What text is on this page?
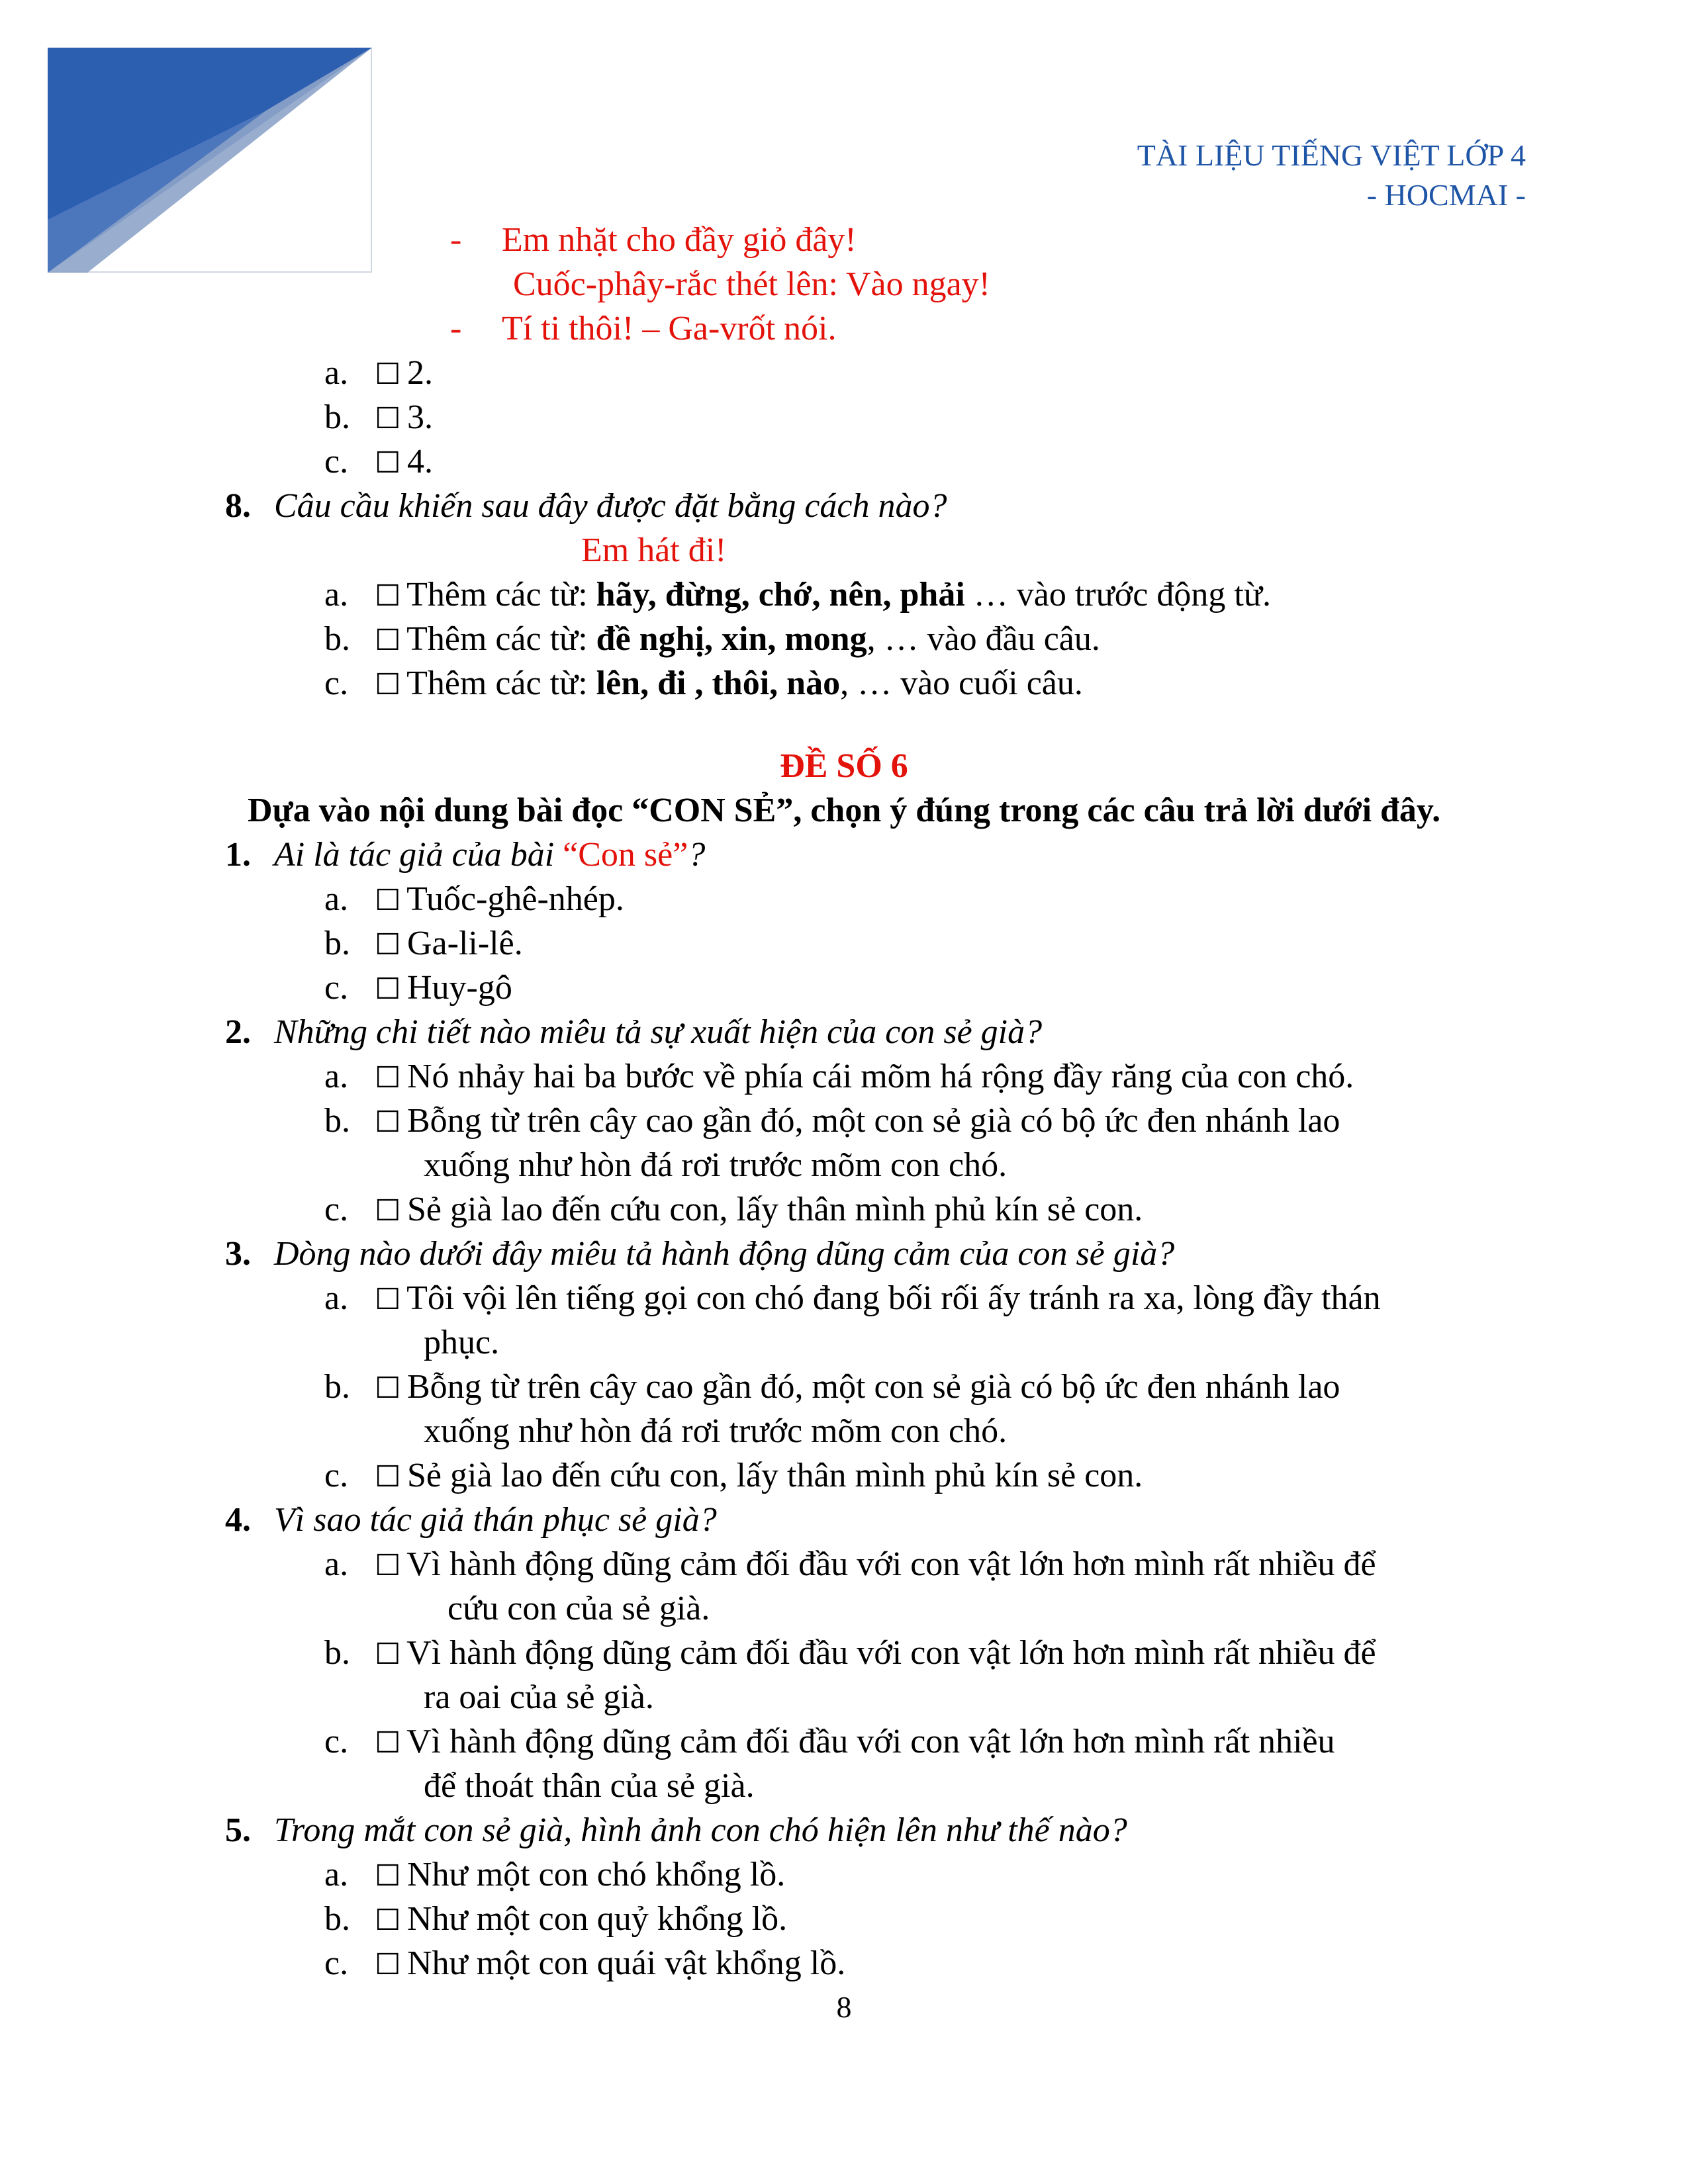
TÀI LIỆU TIẾNG VIỆT LỚP 4
- HOCMAI -
- Em nhặt cho đầy giỏ đây!
Cuốc-phây-rắc thét lên: Vào ngay!
- Tí ti thôi! – Ga-vrốt nói.
a. ☐ 2.
b. ☐ 3.
c. ☐ 4.
8. Câu cầu khiến sau đây được đặt bằng cách nào?
Em hát đi!
a. ☐ Thêm các từ: hãy, đừng, chớ, nên, phải … vào trước động từ.
b. ☐ Thêm các từ: đề nghị, xin, mong, … vào đầu câu.
c. ☐ Thêm các từ: lên, đi , thôi, nào, … vào cuối câu.
ĐỀ SỐ 6
Dựa vào nội dung bài đọc “CON SẺ”, chọn ý đúng trong các câu trả lời dưới đây.
1. Ai là tác giả của bài “Con sẻ”?
a. ☐ Tuốc-ghê-nhép.
b. ☐ Ga-li-lê.
c. ☐ Huy-gô
2. Những chi tiết nào miêu tả sự xuất hiện của con sẻ già?
a. ☐ Nó nhảy hai ba bước về phía cái mõm há rộng đầy răng của con chó.
b. ☐ Bỗng từ trên cây cao gần đó, một con sẻ già có bộ ức đen nhánh lao
xuống như hòn đá rơi trước mõm con chó.
c. ☐ Sẻ già lao đến cứu con, lấy thân mình phủ kín sẻ con.
3. Dòng nào dưới đây miêu tả hành động dũng cảm của con sẻ già?
a. ☐ Tôi vội lên tiếng gọi con chó đang bối rối ấy tránh ra xa, lòng đầy thán
phục.
b. ☐ Bỗng từ trên cây cao gần đó, một con sẻ già có bộ ức đen nhánh lao
xuống như hòn đá rơi trước mõm con chó.
c. ☐ Sẻ già lao đến cứu con, lấy thân mình phủ kín sẻ con.
4. Vì sao tác giả thán phục sẻ già?
a. ☐ Vì hành động dũng cảm đối đầu với con vật lớn hơn mình rất nhiều để
cứu con của sẻ già.
b. ☐ Vì hành động dũng cảm đối đầu với con vật lớn hơn mình rất nhiều để
ra oai của sẻ già.
c. ☐ Vì hành động dũng cảm đối đầu với con vật lớn hơn mình rất nhiều
để thoát thân của sẻ già.
5. Trong mắt con sẻ già, hình ảnh con chó hiện lên như thế nào?
a. ☐ Như một con chó khổng lồ.
b. ☐ Như một con quỷ khổng lồ.
c. ☐ Như một con quái vật khổng lồ.
8
